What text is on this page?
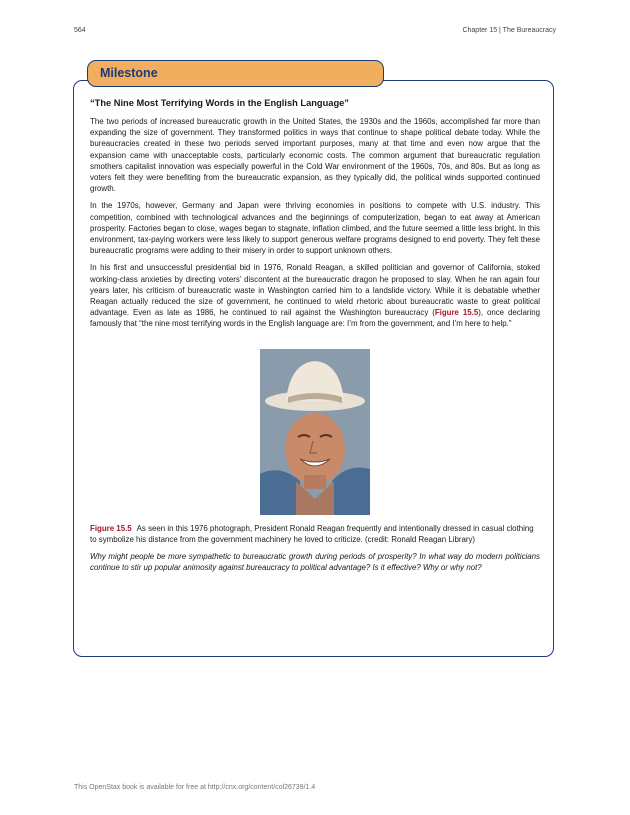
564	Chapter 15 | The Bureaucracy
Milestone
“The Nine Most Terrifying Words in the English Language”

The two periods of increased bureaucratic growth in the United States, the 1930s and the 1960s, accomplished far more than expanding the size of government. They transformed politics in ways that continue to shape political debate today. While the bureaucracies created in these two periods served important purposes, many at that time and even now argue that the expansion came with unacceptable costs, particularly economic costs. The common argument that bureaucratic regulation smothers capitalist innovation was especially powerful in the Cold War environment of the 1960s, 70s, and 80s. But as long as voters felt they were benefiting from the bureaucratic expansion, as they typically did, the political winds supported continued growth.

In the 1970s, however, Germany and Japan were thriving economies in positions to compete with U.S. industry. This competition, combined with technological advances and the beginnings of computerization, began to eat away at American prosperity. Factories began to close, wages began to stagnate, inflation climbed, and the future seemed a little less bright. In this environment, tax-paying workers were less likely to support generous welfare programs designed to end poverty. They felt these bureaucratic programs were adding to their misery in order to support unknown others.

In his first and unsuccessful presidential bid in 1976, Ronald Reagan, a skilled politician and governor of California, stoked working-class anxieties by directing voters’ discontent at the bureaucratic dragon he proposed to slay. When he ran again four years later, his criticism of bureaucratic waste in Washington carried him to a landslide victory. While it is debatable whether Reagan actually reduced the size of government, he continued to wield rhetoric about bureaucratic waste to great political advantage. Even as late as 1986, he continued to rail against the Washington bureaucracy (Figure 15.5), once declaring famously that “the nine most terrifying words in the English language are: I’m from the government, and I’m here to help.”

Figure 15.5 As seen in this 1976 photograph, President Ronald Reagan frequently and intentionally dressed in casual clothing to symbolize his distance from the government machinery he loved to criticize. (credit: Ronald Reagan Library)

Why might people be more sympathetic to bureaucratic growth during periods of prosperity? In what way do modern politicians continue to stir up popular animosity against bureaucracy to political advantage? Is it effective? Why or why not?

This OpenStax book is available for free at http://cnx.org/content/col26739/1.4
